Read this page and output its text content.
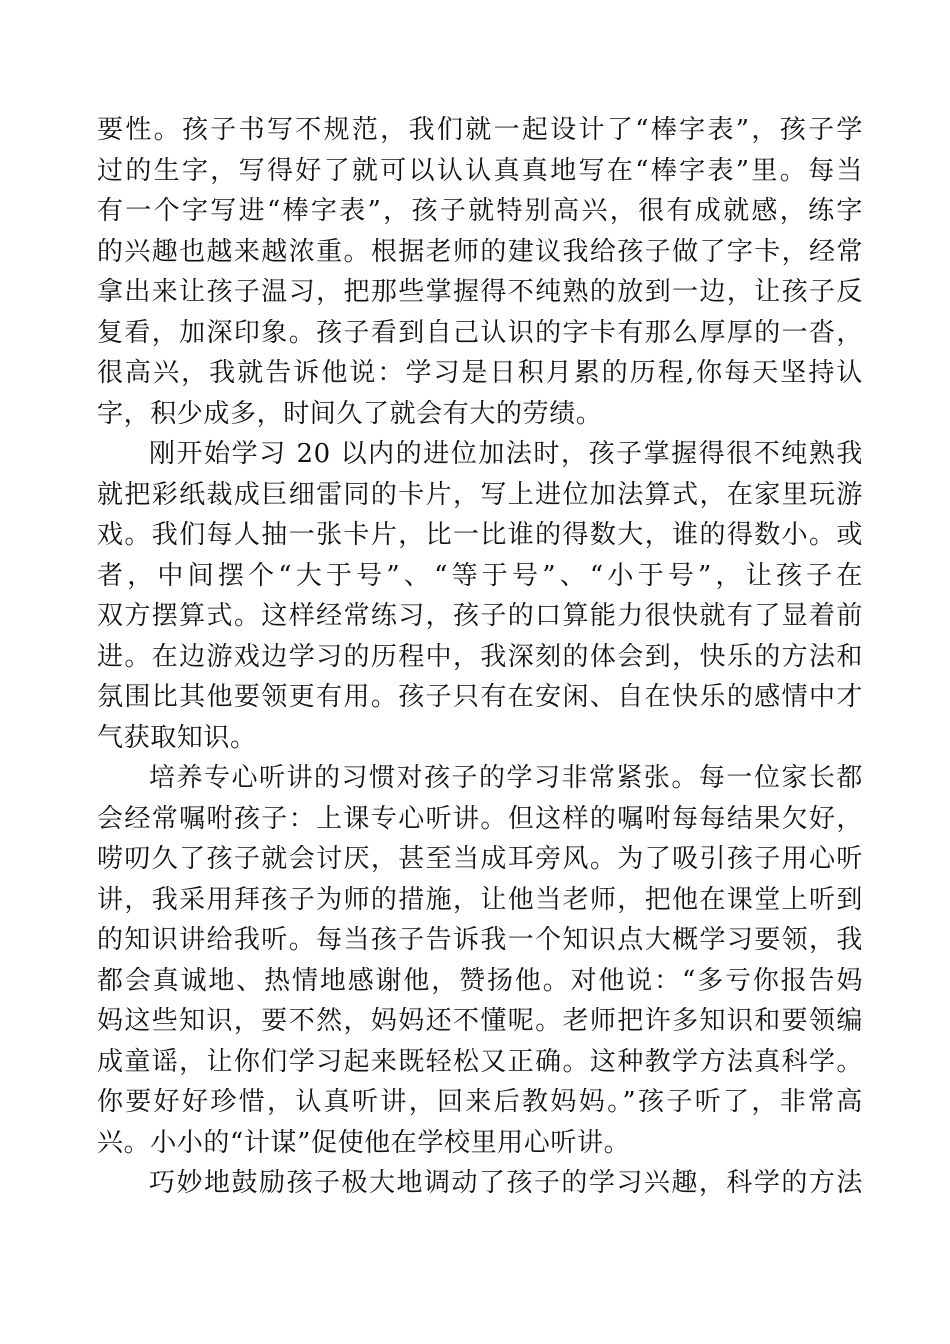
要性。孩子书写不规范，我们就一起设计了“棒字表”，孩子学
过的生字，写得好了就可以认认真真地写在“棒字表”里。每当
有一个字写进“棒字表”，孩子就特别高兴，很有成就感，练字
的兴趣也越来越浓重。根据老师的建议我给孩子做了字卡，经常
拿出来让孩子温习，把那些掌握得不纯熟的放到一边，让孩子反
复看，加深印象。孩子看到自己认识的字卡有那么厚厚的一沓，
很高兴，我就告诉他说：学习是日积月累的历程,你每天坚持认
字，积少成多，时间久了就会有大的劳绩。
刚开始学习 20 以内的进位加法时，孩子掌握得很不纯熟我
就把彩纸裁成巨细雷同的卡片，写上进位加法算式，在家里玩游
戏。我们每人抽一张卡片，比一比谁的得数大，谁的得数小。或
者，中间摆个“大于号”、“等于号”、“小于号”，让孩子在
双方摆算式。这样经常练习，孩子的口算能力很快就有了显着前
进。在边游戏边学习的历程中，我深刻的体会到，快乐的方法和
氛围比其他要领更有用。孩子只有在安闲、自在快乐的感情中才
气获取知识。
培养专心听讲的习惯对孩子的学习非常紧张。每一位家长都
会经常嘱咐孩子：上课专心听讲。但这样的嘱咐每每结果欠好，
唠叨久了孩子就会讨厌，甚至当成耳旁风。为了吸引孩子用心听
讲，我采用拜孩子为师的措施，让他当老师，把他在课堂上听到
的知识讲给我听。每当孩子告诉我一个知识点大概学习要领，我
都会真诚地、热情地感谢他，赞扬他。对他说：“多亏你报告妈
妈这些知识，要不然，妈妈还不懂呢。老师把许多知识和要领编
成童谣，让你们学习起来既轻松又正确。这种教学方法真科学。
你要好好珍惜，认真听讲，回来后教妈妈。”孩子听了，非常高
兴。小小的“计谋”促使他在学校里用心听讲。
巧妙地鼓励孩子极大地调动了孩子的学习兴趣，科学的方法
